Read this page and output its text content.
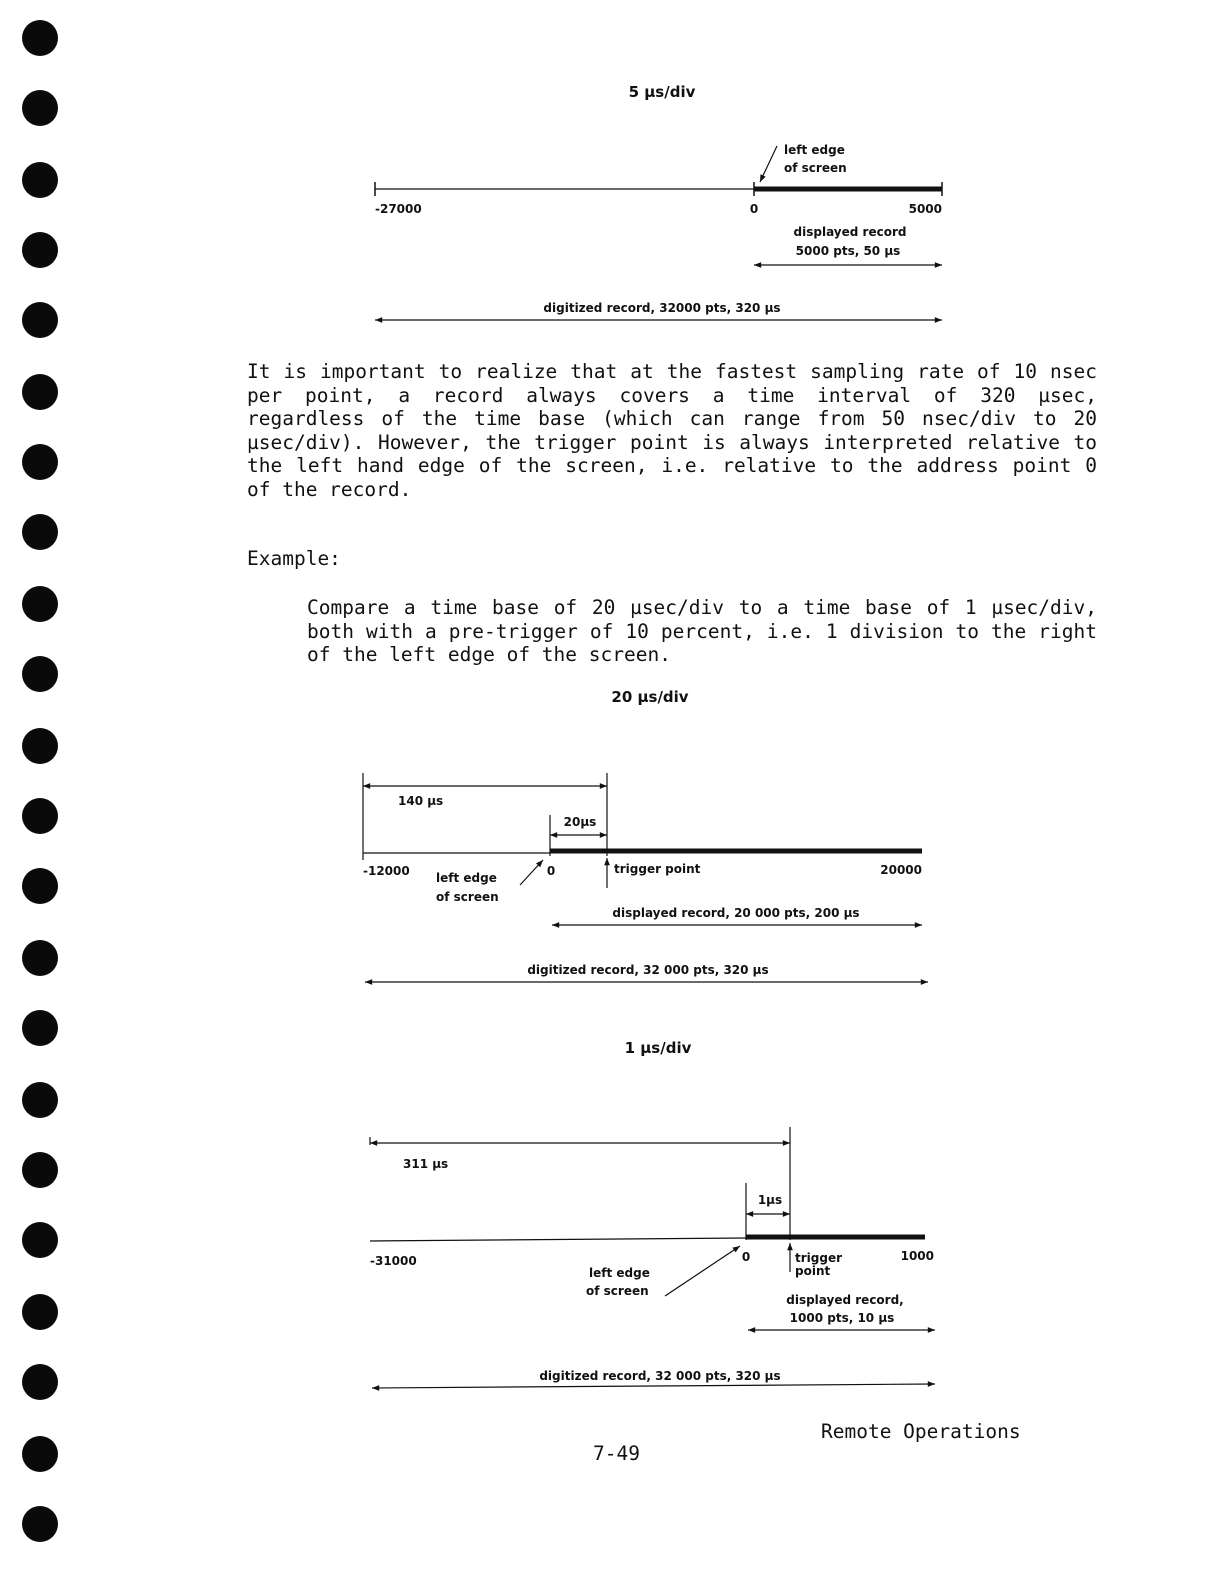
5 µs/div
left edge
of screen
-27000	0	5000
displayed record
5000 pts, 50 µs
digitized record, 32000 pts, 320 µs
20 µs/div
140 µs
20µs
trigger point
-12000	0	20000
left edge
of screen
displayed record, 20 000 pts, 200 µs
digitized record, 32 000 pts, 320 µs
1 µs/div
311 µs
1µs
trigger
point
-31000	0	1000
left edge
of screen
displayed record,
1000 pts, 10 µs
digitized record, 32 000 pts, 320 µs

It is important to realize that at the fastest sampling rate of 10 nsec per point, a record always covers a time interval of 320 µsec, regardless of the time base (which can range from 50 nsec/div to 20 µsec/div). However, the trigger point is always interpreted relative to the left hand edge of the screen, i.e. relative to the address point 0 of the record.

Example:

Compare a time base of 20 µsec/div to a time base of 1 µsec/div, both with a pre-trigger of 10 percent, i.e. 1 division to the right of the left edge of the screen.

Remote Operations
7-49
